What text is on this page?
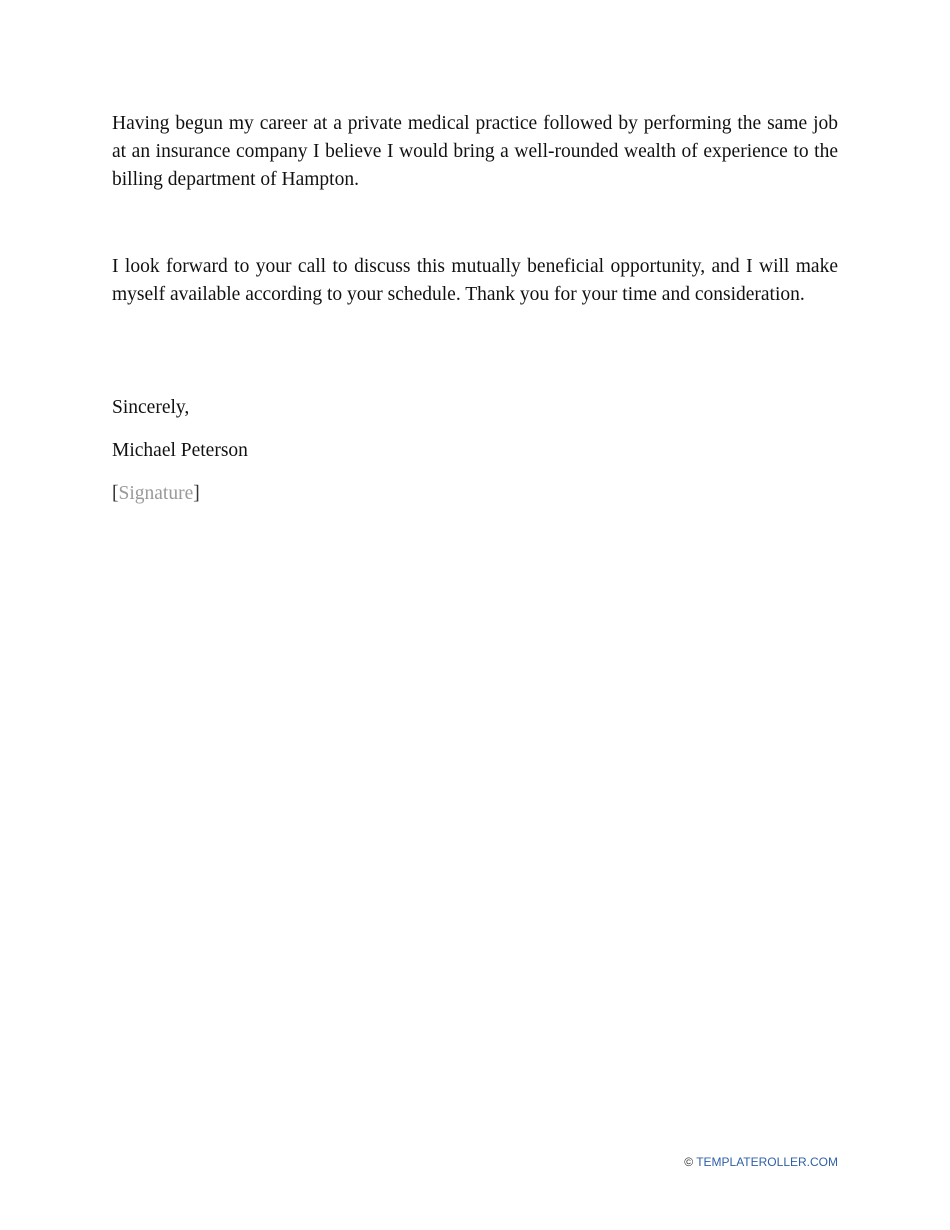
Having begun my career at a private medical practice followed by performing the same job at an insurance company I believe I would bring a well-rounded wealth of experience to the billing department of Hampton.

I look forward to your call to discuss this mutually beneficial opportunity, and I will make myself available according to your schedule. Thank you for your time and consideration.

Sincerely,

Michael Peterson

[Signature]

© TEMPLATEROLLER.COM
